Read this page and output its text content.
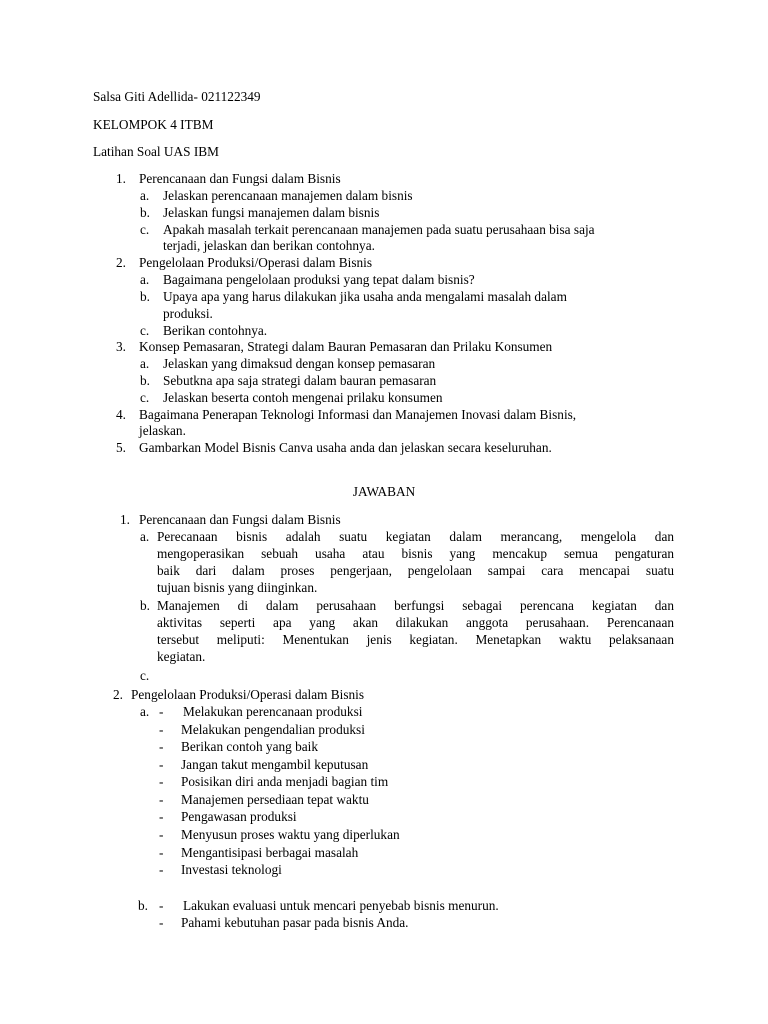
Salsa Giti Adellida- 021122349
KELOMPOK 4 ITBM
Latihan Soal UAS IBM
1. Perencanaan dan Fungsi dalam Bisnis
a. Jelaskan perencanaan manajemen dalam bisnis
b. Jelaskan fungsi manajemen dalam bisnis
c. Apakah masalah terkait perencanaan manajemen pada suatu perusahaan bisa saja
terjadi, jelaskan dan berikan contohnya.
2. Pengelolaan Produksi/Operasi dalam Bisnis
a. Bagaimana pengelolaan produksi yang tepat dalam bisnis?
b. Upaya apa yang harus dilakukan jika usaha anda mengalami masalah dalam
produksi.
c. Berikan contohnya.
3. Konsep Pemasaran, Strategi dalam Bauran Pemasaran dan Prilaku Konsumen
a. Jelaskan yang dimaksud dengan konsep pemasaran
b. Sebutkna apa saja strategi dalam bauran pemasaran
c. Jelaskan beserta contoh mengenai prilaku konsumen
4. Bagaimana Penerapan Teknologi Informasi dan Manajemen Inovasi dalam Bisnis,
jelaskan.
5. Gambarkan Model Bisnis Canva usaha anda dan jelaskan secara keseluruhan.
JAWABAN
1. Perencanaan dan Fungsi dalam Bisnis
a. Perecanaan bisnis adalah suatu kegiatan dalam merancang, mengelola dan
mengoperasikan sebuah usaha atau bisnis yang mencakup semua pengaturan
baik dari dalam proses pengerjaan, pengelolaan sampai cara mencapai suatu
tujuan bisnis yang diinginkan.
b. Manajemen di dalam perusahaan berfungsi sebagai perencana kegiatan dan
aktivitas seperti apa yang akan dilakukan anggota perusahaan. Perencanaan
tersebut meliputi: Menentukan jenis kegiatan. Menetapkan waktu pelaksanaan
kegiatan.
c.
2. Pengelolaan Produksi/Operasi dalam Bisnis
a. - Melakukan perencanaan produksi
- Melakukan pengendalian produksi
- Berikan contoh yang baik
- Jangan takut mengambil keputusan
- Posisikan diri anda menjadi bagian tim
- Manajemen persediaan tepat waktu
- Pengawasan produksi
- Menyusun proses waktu yang diperlukan
- Mengantisipasi berbagai masalah
- Investasi teknologi
b. - Lakukan evaluasi untuk mencari penyebab bisnis menurun.
- Pahami kebutuhan pasar pada bisnis Anda.
